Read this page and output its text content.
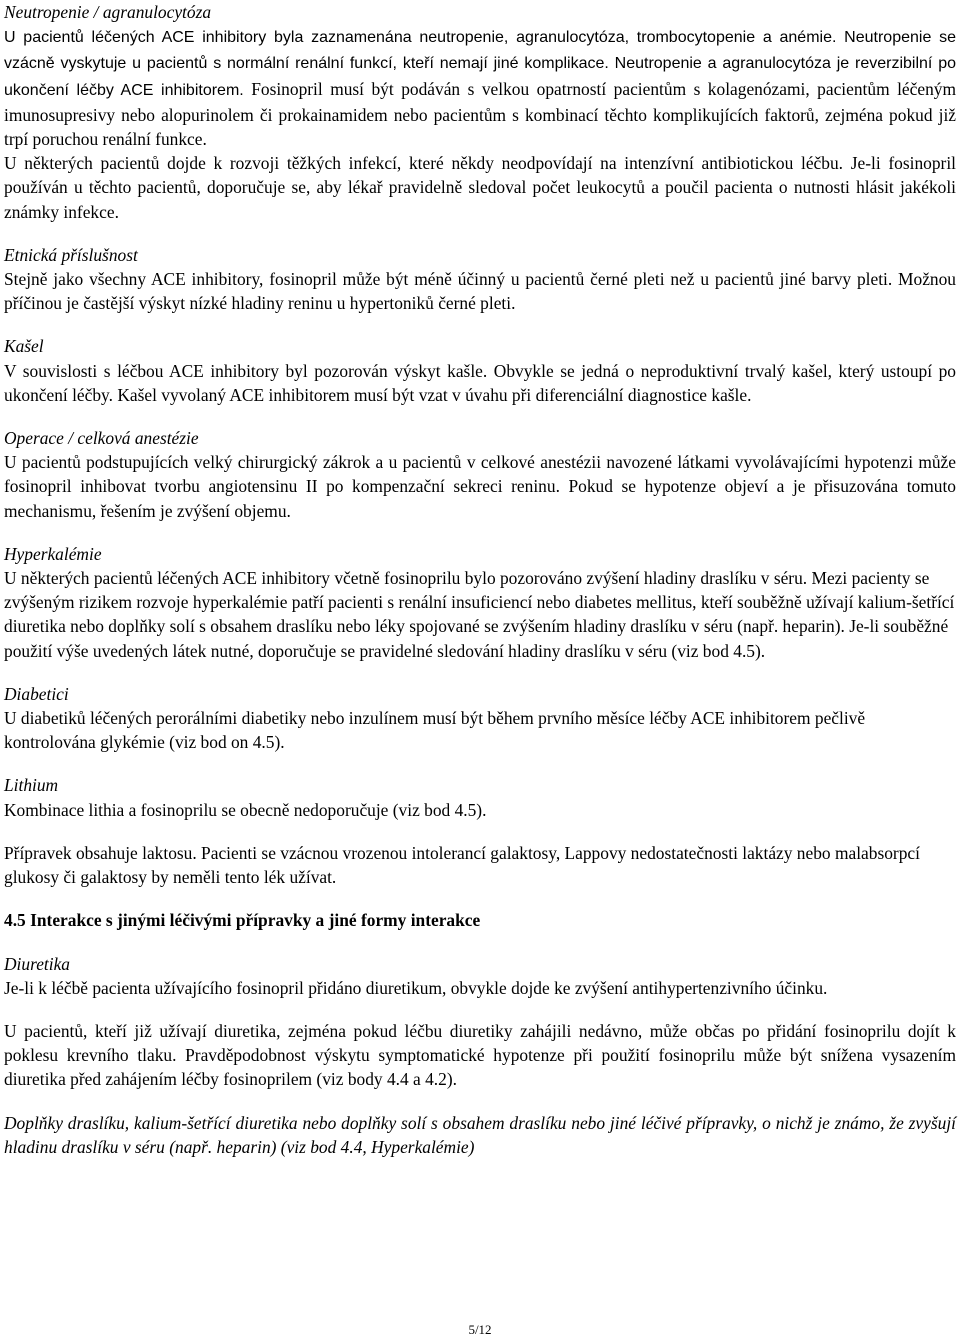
Neutropenie / agranulocytóza

U pacientů léčených ACE inhibitory byla zaznamenána neutropenie, agranulocytóza, trombocytopenie a anémie. Neutropenie se vzácně vyskytuje u pacientů s normální renální funkcí, kteří nemají jiné komplikace. Neutropenie a agranulocytóza je reverzibilní po ukončení léčby ACE inhibitorem. Fosinopril musí být podáván s velkou opatrností pacientům s kolagenózami, pacientům léčeným imunosupresivy nebo alopurinolem či prokainamidem nebo pacientům s kombinací těchto komplikujících faktorů, zejména pokud již trpí poruchou renální funkce.

U některých pacientů dojde k rozvoji těžkých infekcí, které někdy neodpovídají na intenzívní antibiotickou léčbu. Je-li fosinopril používán u těchto pacientů, doporučuje se, aby lékař pravidelně sledoval počet leukocytů a poučil pacienta o nutnosti hlásit jakékoli známky infekce.

Etnická příslušnost

Stejně jako všechny ACE inhibitory, fosinopril může být méně účinný u pacientů černé pleti než u pacientů jiné barvy pleti. Možnou příčinou je častější výskyt nízké hladiny reninu u hypertoniků černé pleti.

Kašel

V souvislosti s léčbou ACE inhibitory byl pozorován výskyt kašle. Obvykle se jedná o neproduktivní trvalý kašel, který ustoupí po ukončení léčby. Kašel vyvolaný ACE inhibitorem musí být vzat v úvahu při diferenciální diagnostice kašle.

Operace / celková anestézie

U pacientů podstupujících velký chirurgický zákrok a u pacientů v celkové anestézii navozené látkami vyvolávajícími hypotenzi může fosinopril inhibovat tvorbu angiotensinu II po kompenzační sekreci reninu. Pokud se hypotenze objeví a je přisuzována tomuto mechanismu, řešením je zvýšení objemu.

Hyperkalémie

U některých pacientů léčených ACE inhibitory včetně fosinoprilu bylo pozorováno zvýšení hladiny draslíku v séru. Mezi pacienty se zvýšeným rizikem rozvoje hyperkalémie patří pacienti s renální insuficiencí nebo diabetes mellitus, kteří souběžně užívají kalium-šetřící diuretika nebo doplňky solí s obsahem draslíku nebo léky spojované se zvýšením hladiny draslíku v séru (např. heparin). Je-li souběžné použití výše uvedených látek nutné, doporučuje se pravidelné sledování hladiny draslíku v séru (viz bod 4.5).

Diabetici

U diabetiků léčených perorálními diabetiky nebo inzulínem musí být během prvního měsíce léčby ACE inhibitorem pečlivě kontrolována glykémie (viz bod on 4.5).

Lithium

Kombinace lithia a fosinoprilu se obecně nedoporučuje (viz bod 4.5).

Přípravek obsahuje laktosu. Pacienti se vzácnou vrozenou intolerancí galaktosy, Lappovy nedostatečnosti laktázy nebo malabsorpcí glukosy či galaktosy by neměli tento lék užívat.

4.5 Interakce s jinými léčivými přípravky a jiné formy interakce

Diuretika

Je-li k léčbě pacienta užívajícího fosinopril přidáno diuretikum, obvykle dojde ke zvýšení antihypertenzivního účinku.

U pacientů, kteří již užívají diuretika, zejména pokud léčbu diuretiky zahájili nedávno, může občas po přidání fosinoprilu dojít k poklesu krevního tlaku. Pravděpodobnost výskytu symptomatické hypotenze při použití fosinoprilu může být snížena vysazením diuretika před zahájením léčby fosinoprilem (viz body 4.4 a 4.2).

Doplňky draslíku, kalium-šetřící diuretika nebo doplňky solí s obsahem draslíku nebo jiné léčivé přípravky, o nichž je známo, že zvyšují hladinu draslíku v séru (např. heparin) (viz bod 4.4, Hyperkalémie)

5/12
